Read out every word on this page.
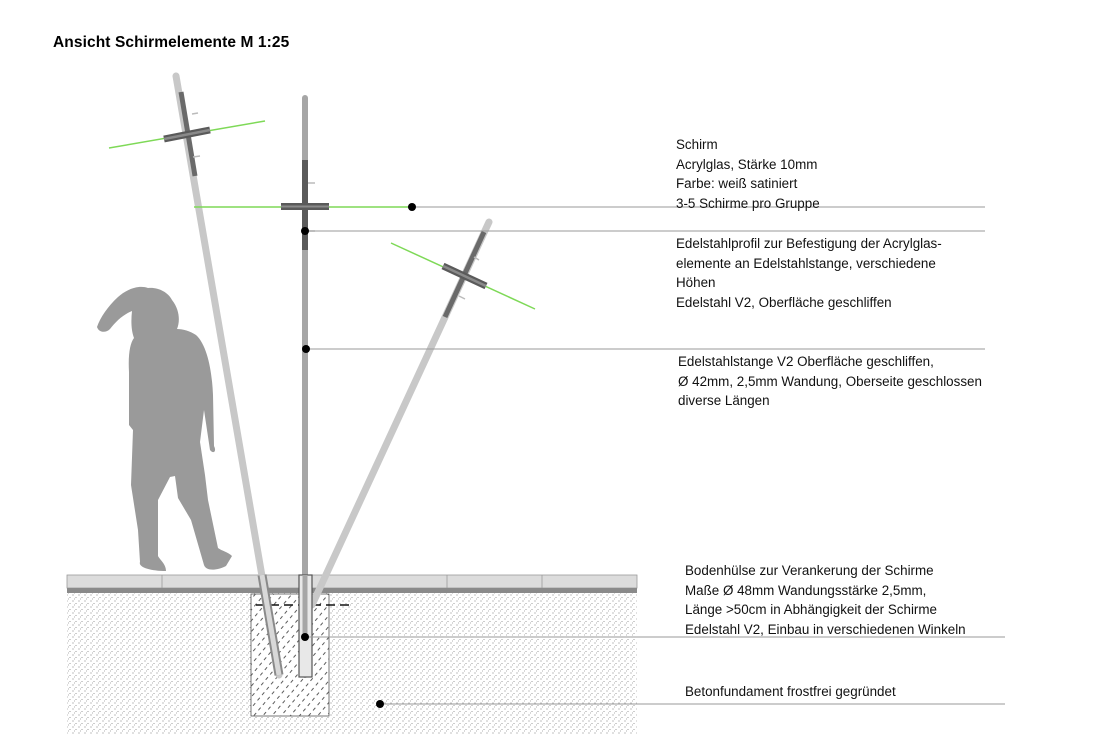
Ansicht Schirmelemente M 1:25
Schirm
Acrylglas, Stärke 10mm
Farbe: weiß satiniert
3-5 Schirme pro Gruppe
Edelstahlprofil zur Befestigung der Acrylglas-
elemente an Edelstahlstange, verschiedene
Höhen
Edelstahl V2, Oberfläche geschliffen
Edelstahlstange V2 Oberfläche geschliffen,
Ø 42mm, 2,5mm Wandung, Oberseite geschlossen
diverse Längen
Bodenhülse zur Verankerung der Schirme
Maße Ø 48mm Wandungsstärke 2,5mm,
Länge >50cm in Abhängigkeit der Schirme
Edelstahl V2, Einbau in verschiedenen Winkeln
Betonfundament frostfrei gegründet
